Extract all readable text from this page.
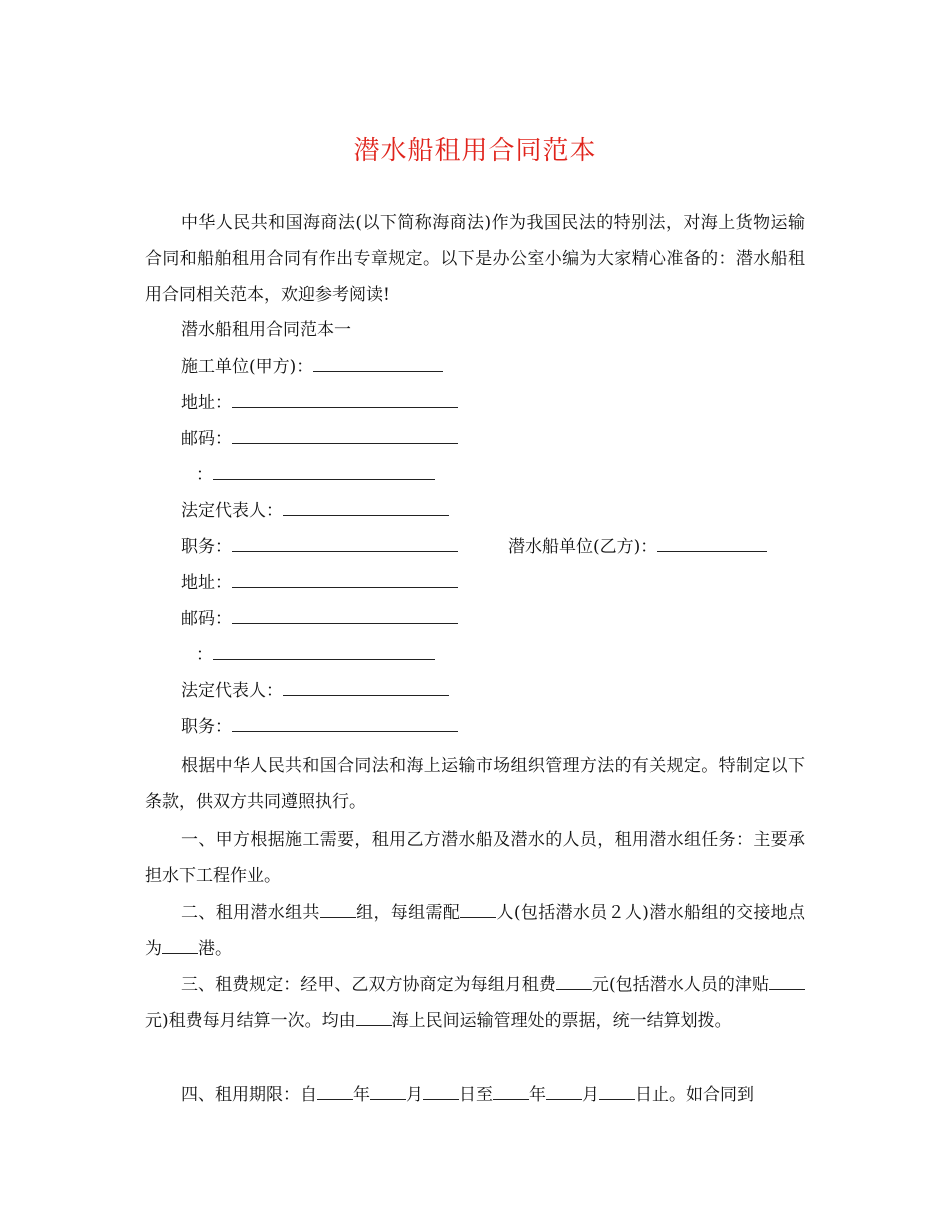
潜水船租用合同范本

中华人民共和国海商法(以下简称海商法)作为我国民法的特别法，对海上货物运输合同和船舶租用合同有作出专章规定。以下是办公室小编为大家精心准备的：潜水船租用合同相关范本，欢迎参考阅读!

潜水船租用合同范本一
施工单位(甲方)：
地址：
邮码：
：
法定代表人：
职务：	潜水船单位(乙方)：
地址：
邮码：
：
法定代表人：
职务：

根据中华人民共和国合同法和海上运输市场组织管理方法的有关规定。特制定以下条款，供双方共同遵照执行。

一、甲方根据施工需要，租用乙方潜水船及潜水的人员，租用潜水组任务：主要承担水下工程作业。

二、租用潜水组共 组，每组需配 人(包括潜水员２人)潜水船组的交接地点为 港。

三、租费规定：经甲、乙双方协商定为每组月租费 元(包括潜水人员的津贴元)租费每月结算一次。均由 海上民间运输管理处的票据，统一结算划拨。

四、租用期限：自 年 月 日至 年 月 日止。如合同到
